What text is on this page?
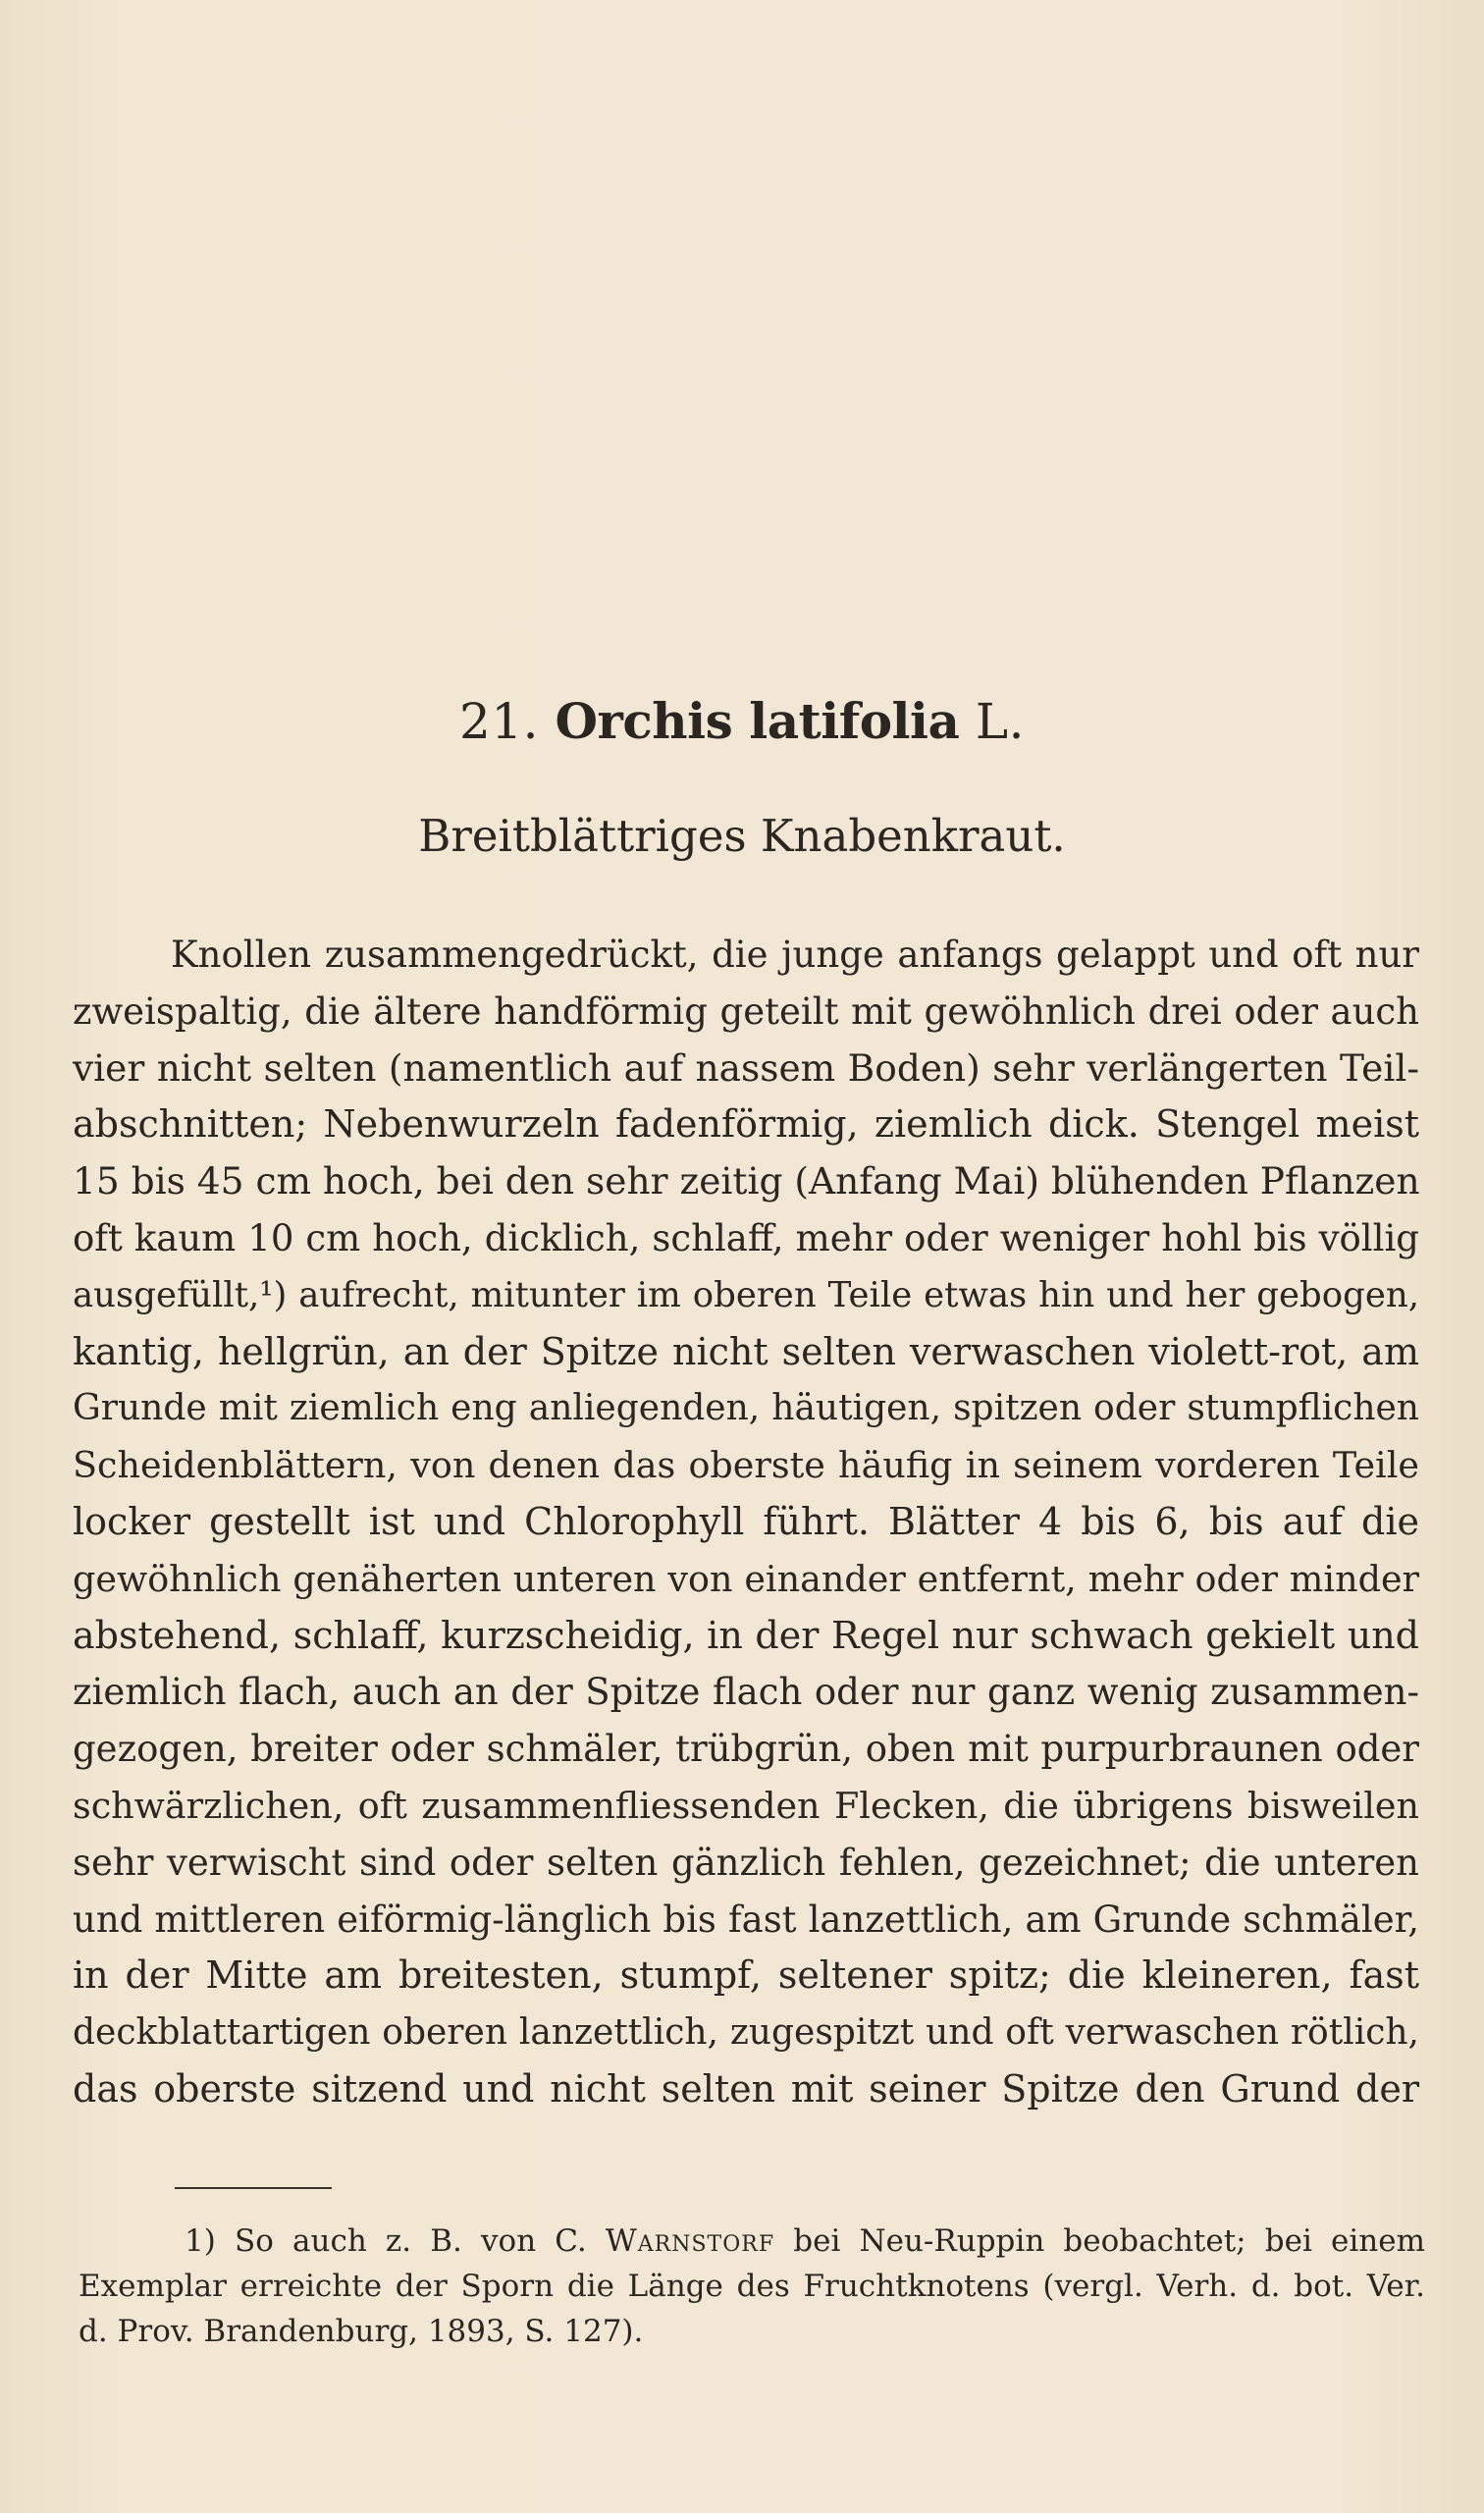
21. Orchis latifolia L.
Breitblättriges Knabenkraut.
Knollen zusammengedrückt, die junge anfangs gelappt und oft nur
zweispaltig, die ältere handförmig geteilt mit gewöhnlich drei oder auch
vier nicht selten (namentlich auf nassem Boden) sehr verlängerten Teil-
abschnitten; Nebenwurzeln fadenförmig, ziemlich dick. Stengel meist
15 bis 45 cm hoch, bei den sehr zeitig (Anfang Mai) blühenden Pflanzen
oft kaum 10 cm hoch, dicklich, schlaff, mehr oder weniger hohl bis völlig
ausgefüllt,¹) aufrecht, mitunter im oberen Teile etwas hin und her gebogen,
kantig, hellgrün, an der Spitze nicht selten verwaschen violett-rot, am
Grunde mit ziemlich eng anliegenden, häutigen, spitzen oder stumpflichen
Scheidenblättern, von denen das oberste häufig in seinem vorderen Teile
locker gestellt ist und Chlorophyll führt. Blätter 4 bis 6, bis auf die
gewöhnlich genäherten unteren von einander entfernt, mehr oder minder
abstehend, schlaff, kurzscheidig, in der Regel nur schwach gekielt und
ziemlich flach, auch an der Spitze flach oder nur ganz wenig zusammen-
gezogen, breiter oder schmäler, trübgrün, oben mit purpurbraunen oder
schwärzlichen, oft zusammenfliessenden Flecken, die übrigens bisweilen
sehr verwischt sind oder selten gänzlich fehlen, gezeichnet; die unteren
und mittleren eiförmig-länglich bis fast lanzettlich, am Grunde schmäler,
in der Mitte am breitesten, stumpf, seltener spitz; die kleineren, fast
deckblattartigen oberen lanzettlich, zugespitzt und oft verwaschen rötlich,
das oberste sitzend und nicht selten mit seiner Spitze den Grund der
1) So auch z. B. von C. Warnstorf bei Neu-Ruppin beobachtet; bei einem
Exemplar erreichte der Sporn die Länge des Fruchtknotens (vergl. Verh. d. bot. Ver.
d. Prov. Brandenburg, 1893, S. 127).
